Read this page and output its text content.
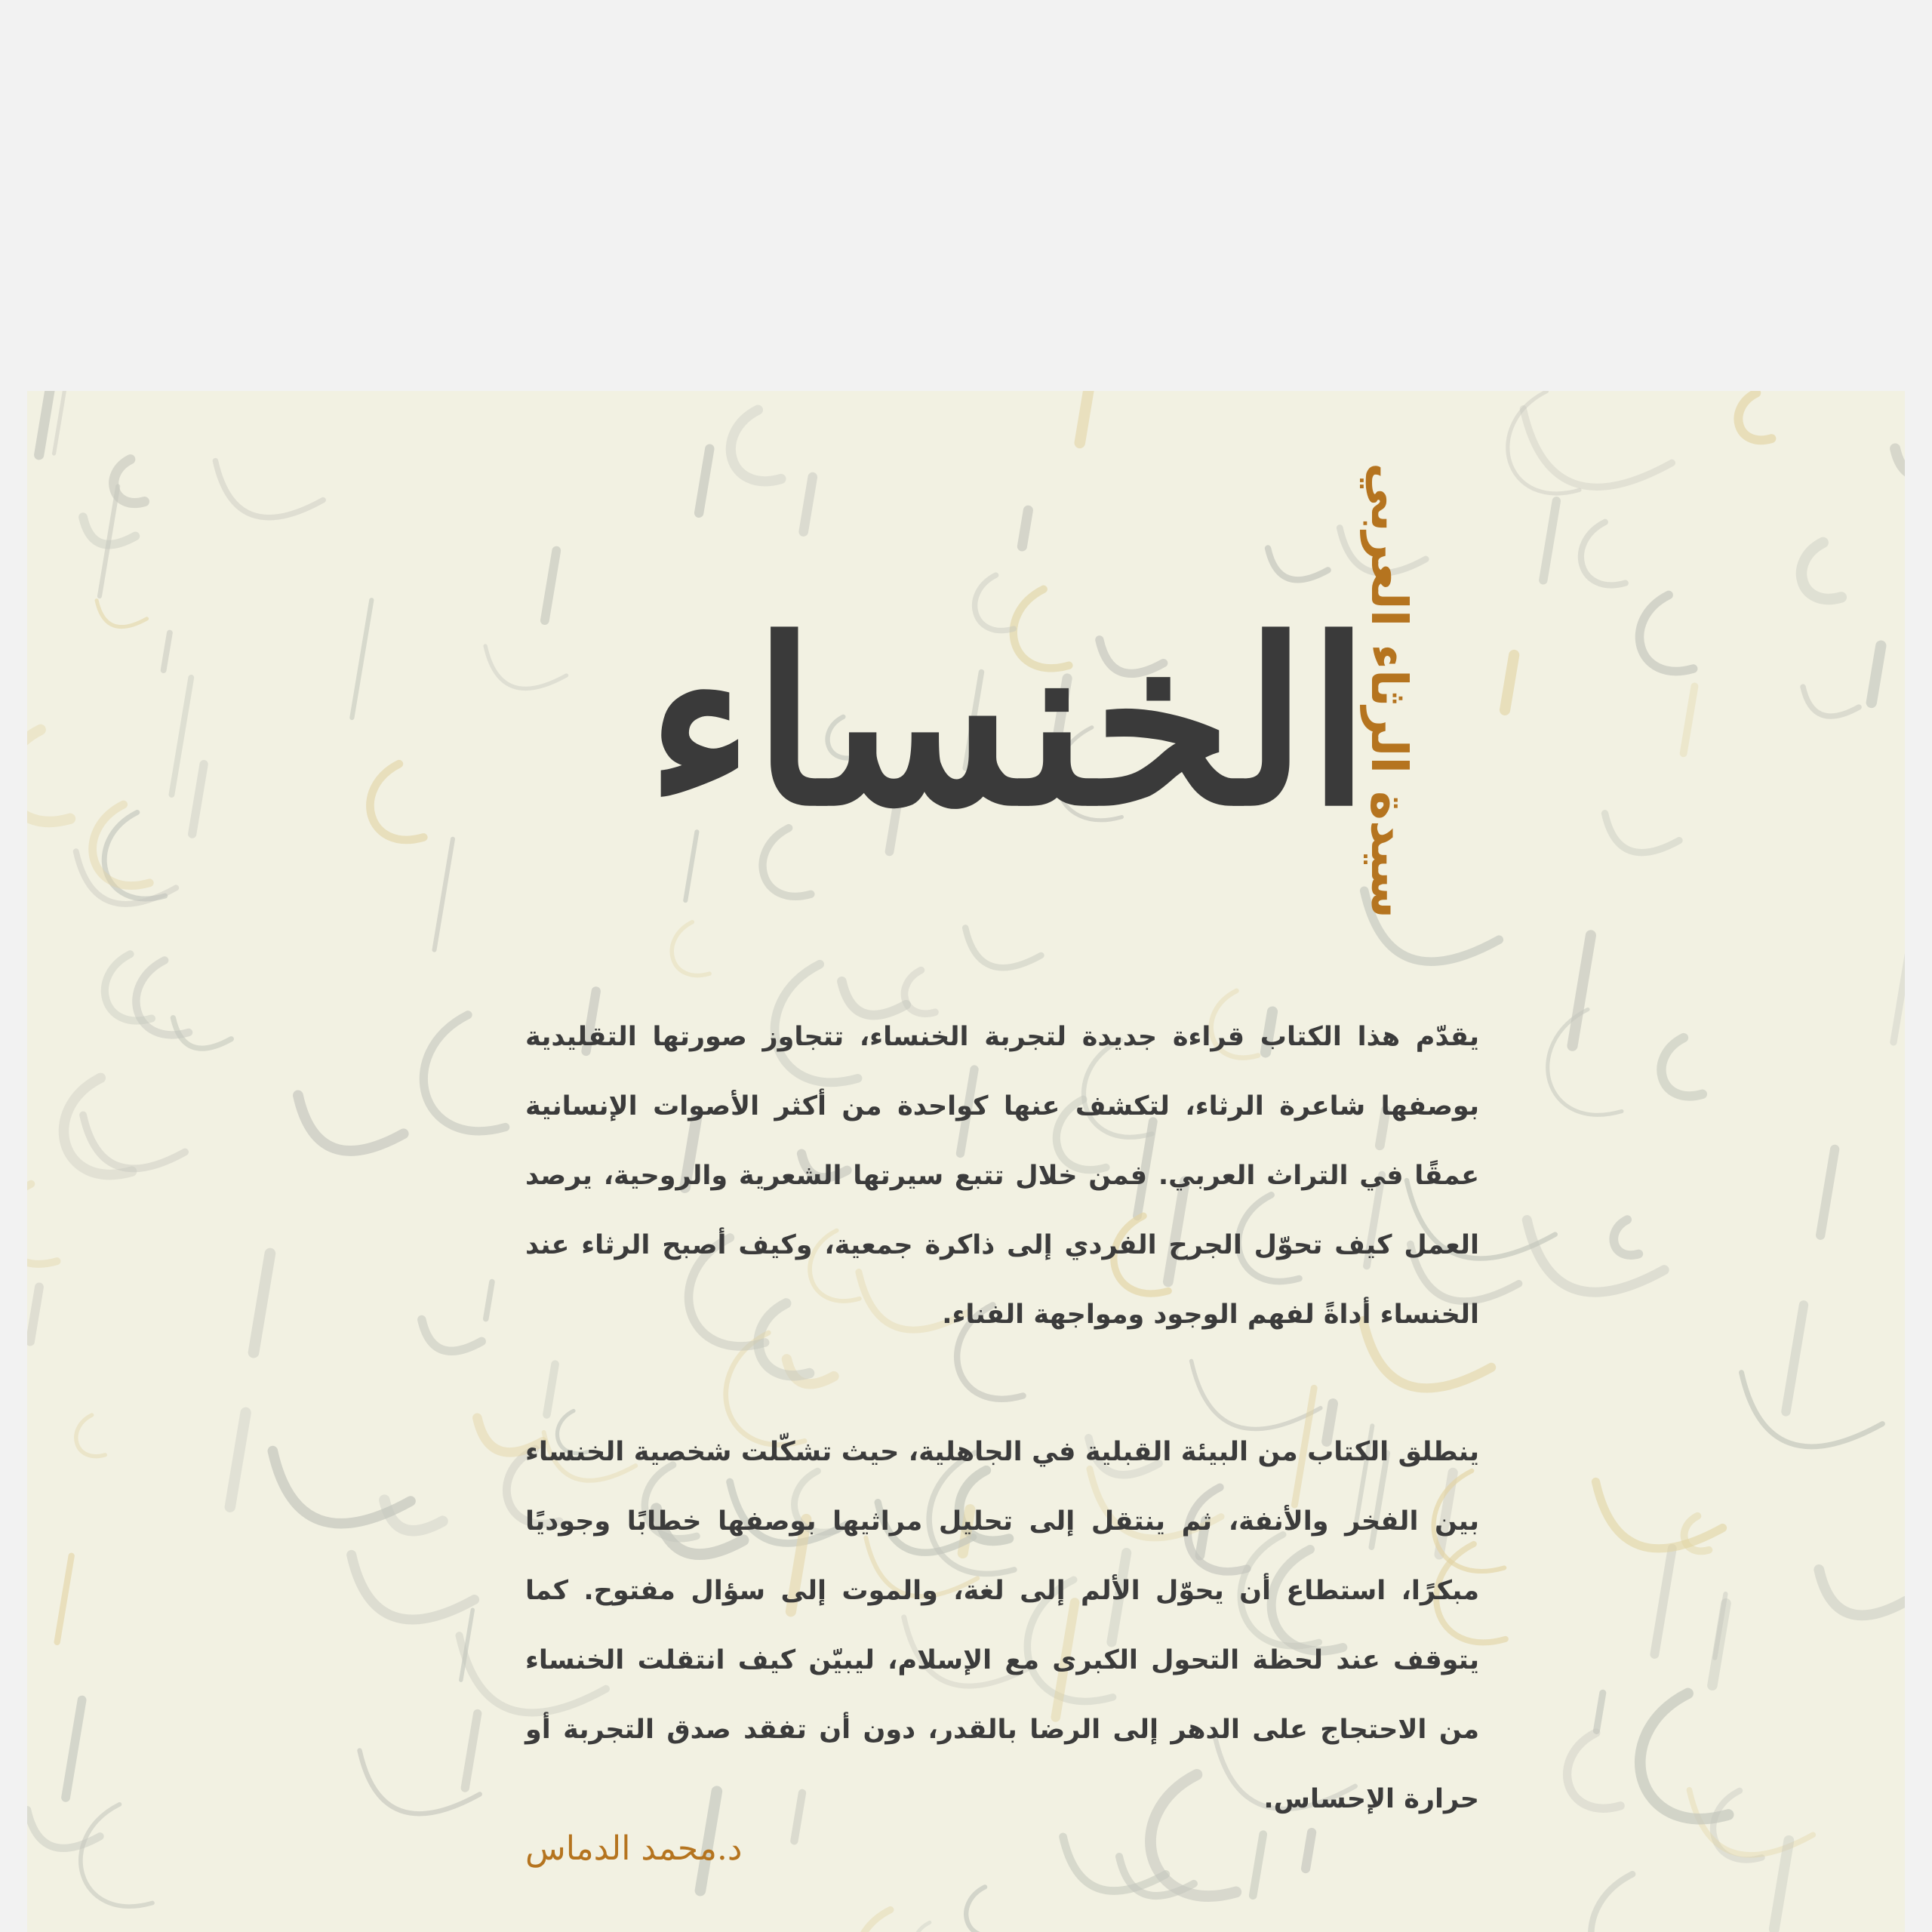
الخنساء
سيدة الرثاء العربي

يقدّم هذا الكتاب قراءة جديدة لتجربة الخنساء، تتجاوز صورتها التقليدية بوصفها شاعرة الرثاء، لتكشف عنها كواحدة من أكثر الأصوات الإنسانية عمقًا في التراث العربي. فمن خلال تتبع سيرتها الشعرية والروحية، يرصد العمل كيف تحوّل الجرح الفردي إلى ذاكرة جمعية، وكيف أصبح الرثاء عند الخنساء أداةً لفهم الوجود ومواجهة الفناء.

ينطلق الكتاب من البيئة القبلية في الجاهلية، حيث تشكّلت شخصية الخنساء بين الفخر والأنفة، ثم ينتقل إلى تحليل مراثيها بوصفها خطابًا وجوديًا مبكرًا، استطاع أن يحوّل الألم إلى لغة، والموت إلى سؤال مفتوح. كما يتوقف عند لحظة التحول الكبرى مع الإسلام، ليبيّن كيف انتقلت الخنساء من الاحتجاج على الدهر إلى الرضا بالقدر، دون أن تفقد صدق التجربة أو حرارة الإحساس.

د.محمد الدماس
